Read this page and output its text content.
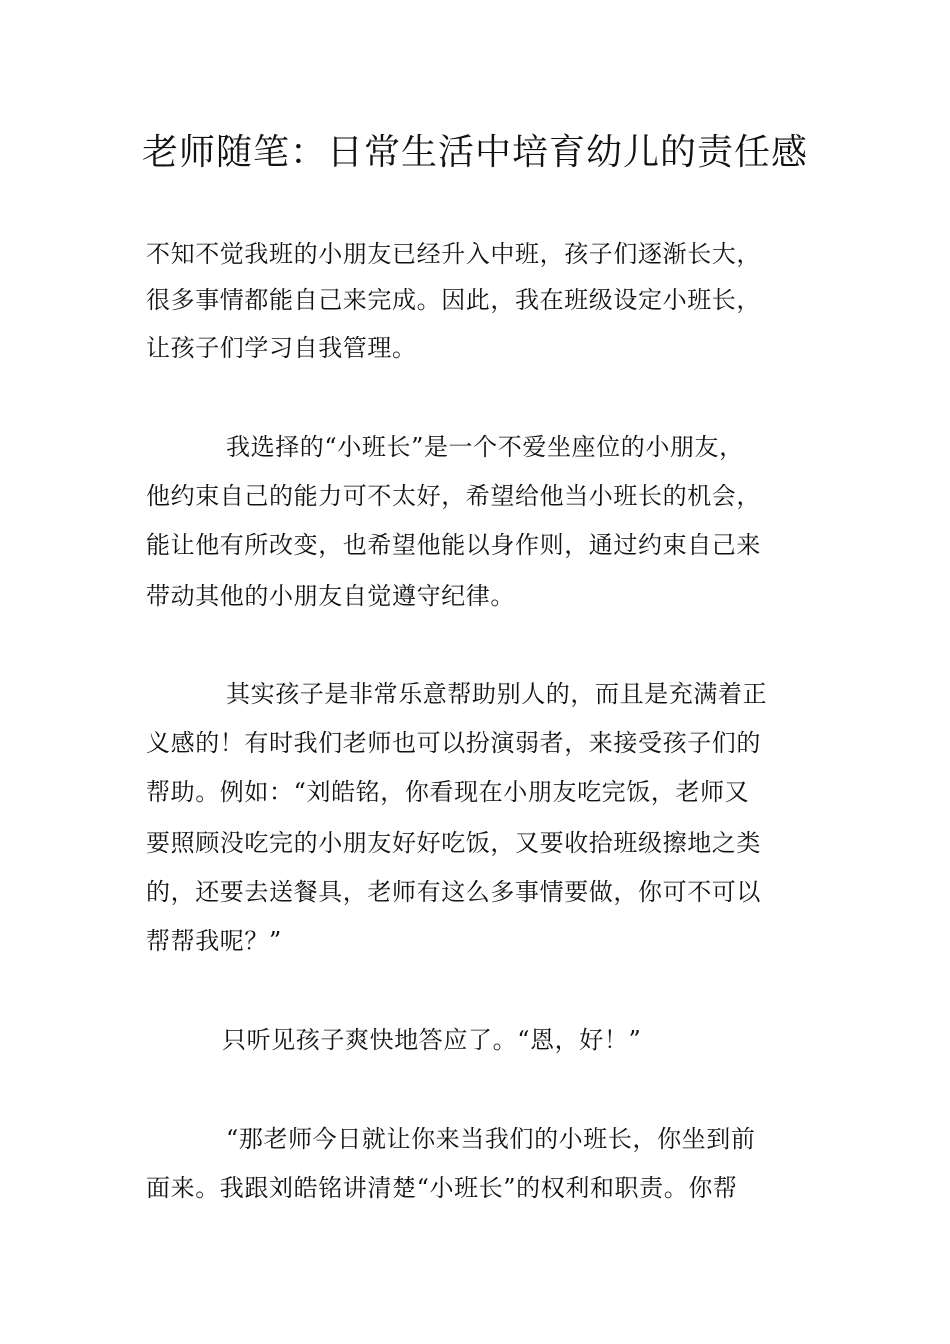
老师随笔：日常生活中培育幼儿的责任感

不知不觉我班的小朋友已经升入中班，孩子们逐渐长大，

很多事情都能自己来完成。因此，我在班级设定小班长，

让孩子们学习自我管理。

我选择的“小班长”是一个不爱坐座位的小朋友，

他约束自己的能力可不太好，希望给他当小班长的机会，

能让他有所改变，也希望他能以身作则，通过约束自己来

带动其他的小朋友自觉遵守纪律。

其实孩子是非常乐意帮助别人的，而且是充满着正

义感的！有时我们老师也可以扮演弱者，来接受孩子们的

帮助。例如：“刘皓铭，你看现在小朋友吃完饭，老师又

要照顾没吃完的小朋友好好吃饭，又要收拾班级擦地之类

的，还要去送餐具，老师有这么多事情要做，你可不可以

帮帮我呢？”

只听见孩子爽快地答应了。“恩，好！”

“那老师今日就让你来当我们的小班长，你坐到前

面来。我跟刘皓铭讲清楚“小班长”的权利和职责。你帮
